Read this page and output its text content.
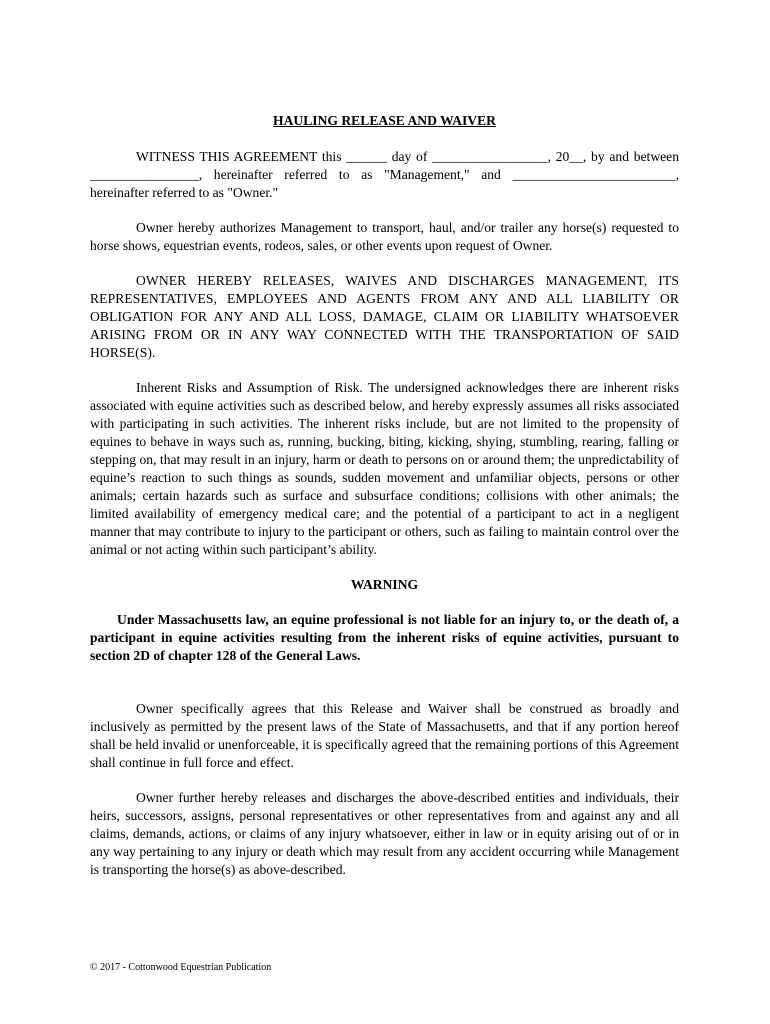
HAULING RELEASE AND WAIVER

WITNESS THIS AGREEMENT this ______ day of _________________, 20__, by and between ________________, hereinafter referred to as "Management," and ________________________, hereinafter referred to as "Owner."

Owner hereby authorizes Management to transport, haul, and/or trailer any horse(s) requested to horse shows, equestrian events, rodeos, sales, or other events upon request of Owner.

OWNER HEREBY RELEASES, WAIVES AND DISCHARGES MANAGEMENT, ITS REPRESENTATIVES, EMPLOYEES AND AGENTS FROM ANY AND ALL LIABILITY OR OBLIGATION FOR ANY AND ALL LOSS, DAMAGE, CLAIM OR LIABILITY WHATSOEVER ARISING FROM OR IN ANY WAY CONNECTED WITH THE TRANSPORTATION OF SAID HORSE(S).

Inherent Risks and Assumption of Risk. The undersigned acknowledges there are inherent risks associated with equine activities such as described below, and hereby expressly assumes all risks associated with participating in such activities. The inherent risks include, but are not limited to the propensity of equines to behave in ways such as, running, bucking, biting, kicking, shying, stumbling, rearing, falling or stepping on, that may result in an injury, harm or death to persons on or around them; the unpredictability of equine’s reaction to such things as sounds, sudden movement and unfamiliar objects, persons or other animals; certain hazards such as surface and subsurface conditions; collisions with other animals; the limited availability of emergency medical care; and the potential of a participant to act in a negligent manner that may contribute to injury to the participant or others, such as failing to maintain control over the animal or not acting within such participant’s ability.

WARNING

Under Massachusetts law, an equine professional is not liable for an injury to, or the death of, a participant in equine activities resulting from the inherent risks of equine activities, pursuant to section 2D of chapter 128 of the General Laws.

Owner specifically agrees that this Release and Waiver shall be construed as broadly and inclusively as permitted by the present laws of the State of Massachusetts, and that if any portion hereof shall be held invalid or unenforceable, it is specifically agreed that the remaining portions of this Agreement shall continue in full force and effect.

Owner further hereby releases and discharges the above-described entities and individuals, their heirs, successors, assigns, personal representatives or other representatives from and against any and all claims, demands, actions, or claims of any injury whatsoever, either in law or in equity arising out of or in any way pertaining to any injury or death which may result from any accident occurring while Management is transporting the horse(s) as above-described.

© 2017 - Cottonwood Equestrian Publication
